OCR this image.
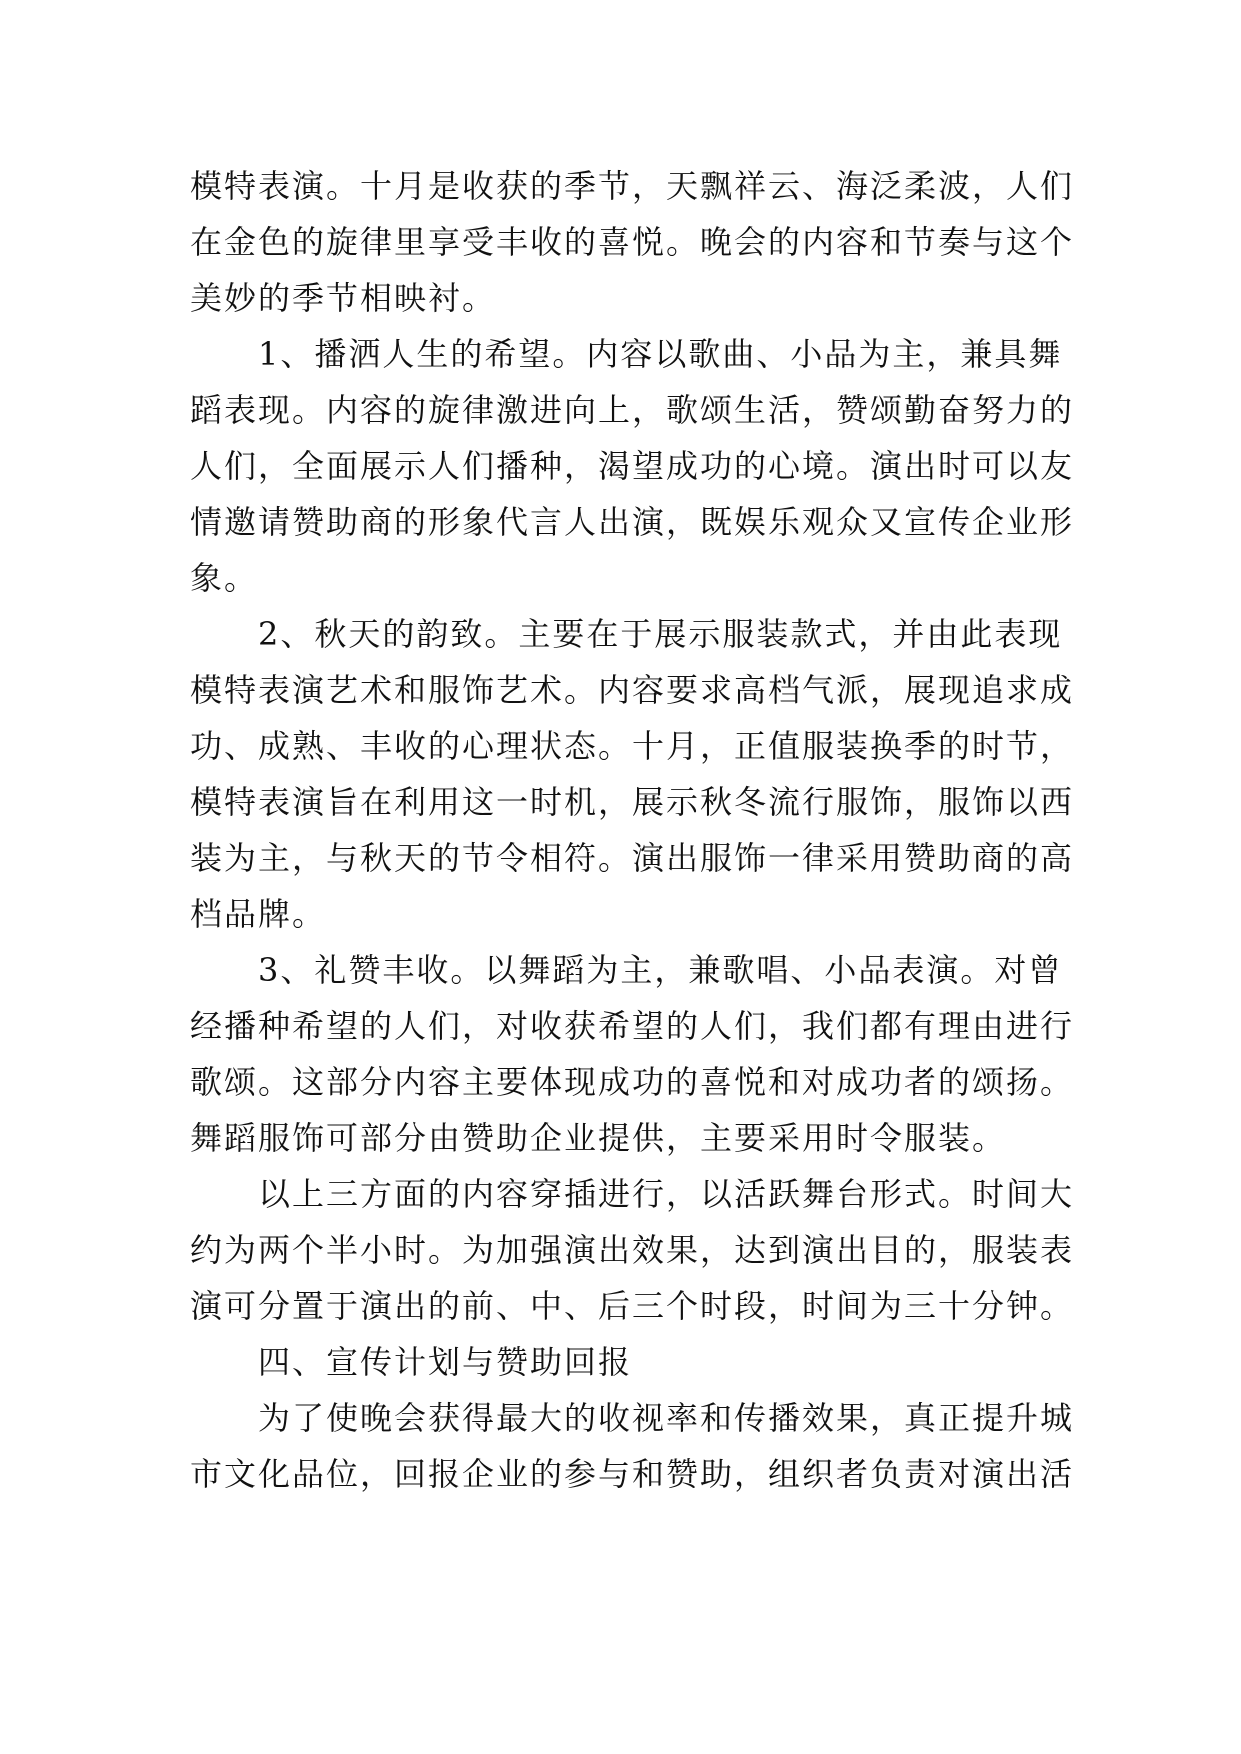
模特表演。十月是收获的季节，天飘祥云、海泛柔波，人们
在金色的旋律里享受丰收的喜悦。晚会的内容和节奏与这个
美妙的季节相映衬。
1、播洒人生的希望。内容以歌曲、小品为主，兼具舞
蹈表现。内容的旋律激进向上，歌颂生活，赞颂勤奋努力的
人们，全面展示人们播种，渴望成功的心境。演出时可以友
情邀请赞助商的形象代言人出演，既娱乐观众又宣传企业形
象。
2、秋天的韵致。主要在于展示服装款式，并由此表现
模特表演艺术和服饰艺术。内容要求高档气派，展现追求成
功、成熟、丰收的心理状态。十月，正值服装换季的时节，
模特表演旨在利用这一时机，展示秋冬流行服饰，服饰以西
装为主，与秋天的节令相符。演出服饰一律采用赞助商的高
档品牌。
3、礼赞丰收。以舞蹈为主，兼歌唱、小品表演。对曾
经播种希望的人们，对收获希望的人们，我们都有理由进行
歌颂。这部分内容主要体现成功的喜悦和对成功者的颂扬。
舞蹈服饰可部分由赞助企业提供，主要采用时令服装。
以上三方面的内容穿插进行，以活跃舞台形式。时间大
约为两个半小时。为加强演出效果，达到演出目的，服装表
演可分置于演出的前、中、后三个时段，时间为三十分钟。
四、宣传计划与赞助回报
为了使晚会获得最大的收视率和传播效果，真正提升城
市文化品位，回报企业的参与和赞助，组织者负责对演出活
